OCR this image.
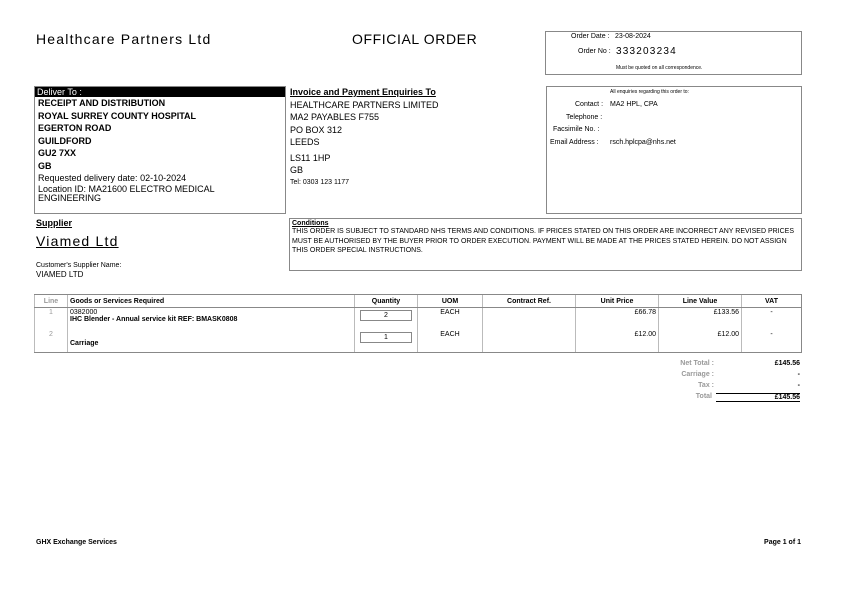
Healthcare Partners Ltd	OFFICIAL ORDER	Order Date : 23-08-2024
Order No : 333203234
Must be quoted on all correspondence.
Deliver To :
RECEIPT AND DISTRIBUTION
ROYAL SURREY COUNTY HOSPITAL
EGERTON ROAD
GUILDFORD
GU2 7XX
GB
Requested delivery date: 02-10-2024
Location ID: MA21600 ELECTRO MEDICAL
ENGINEERING
Invoice and Payment Enquiries To
HEALTHCARE PARTNERS LIMITED
MA2 PAYABLES F755
PO BOX 312
LEEDS
LS11 1HP
GB
Tel: 0303 123 1177
All enquiries regarding this order to:
Contact : MA2 HPL, CPA
Telephone :
Facsimile No. :
Email Address : rsch.hplcpa@nhs.net
Supplier
Viamed Ltd
Customer's Supplier Name:
VIAMED LTD
Conditions
THIS ORDER IS SUBJECT TO STANDARD NHS TERMS AND CONDITIONS. IF PRICES STATED ON THIS ORDER ARE INCORRECT ANY REVISED PRICES MUST BE AUTHORISED BY THE BUYER PRIOR TO ORDER EXECUTION. PAYMENT WILL BE MADE AT THE PRICES STATED HEREIN. DO NOT ASSIGN THIS ORDER SPECIAL INSTRUCTIONS.
Line	Goods or Services Required	Quantity	UOM	Contract Ref.	Unit Price	Line Value	VAT
1	0382000
IHC Blender - Annual service kit REF: BMASK0808	2	EACH		£66.78	£133.56	-
2	Carriage	1	EACH		£12.00	£12.00	-
Net Total :	£145.56
Carriage :	-
Tax :	-
Total	£145.56
GHX Exchange Services	Page 1 of 1
